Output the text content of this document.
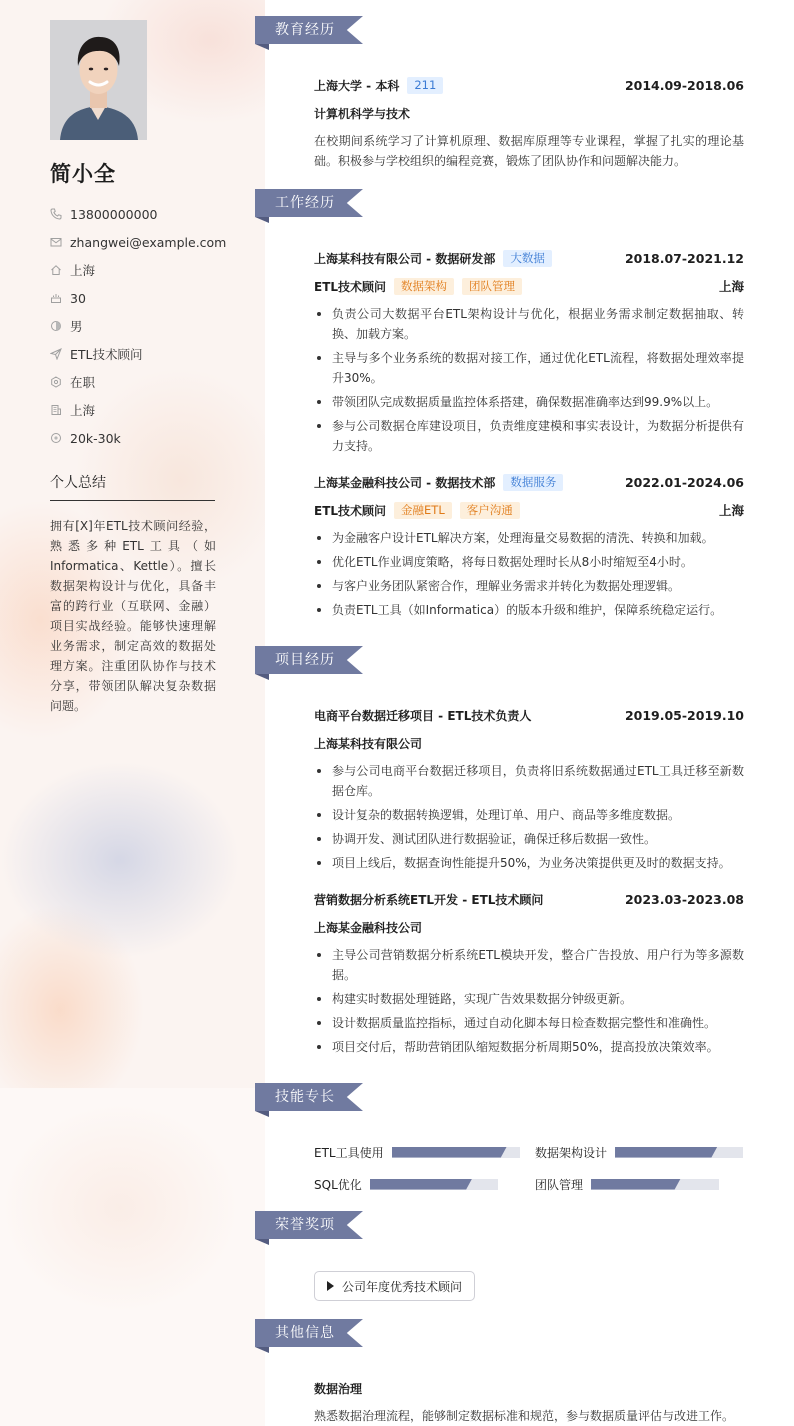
简小全
13800000000
zhangwei@example.com
上海
30
男
ETL技术顾问
在职
上海
20k-30k
个人总结
拥有[X]年ETL技术顾问经验，熟悉多种ETL工具（如Informatica、Kettle）。擅长数据架构设计与优化，具备丰富的跨行业（互联网、金融）项目实战经验。能够快速理解业务需求，制定高效的数据处理方案。注重团队协作与技术分享，带领团队解决复杂数据问题。
教育经历
上海大学 - 本科	211	2014.09-2018.06
计算机科学与技术
在校期间系统学习了计算机原理、数据库原理等专业课程，掌握了扎实的理论基础。积极参与学校组织的编程竞赛，锻炼了团队协作和问题解决能力。
工作经历
上海某科技有限公司 - 数据研发部	大数据	2018.07-2021.12
ETL技术顾问	数据架构	团队管理	上海
负责公司大数据平台ETL架构设计与优化，根据业务需求制定数据抽取、转换、加载方案。
主导与多个业务系统的数据对接工作，通过优化ETL流程，将数据处理效率提升30%。
带领团队完成数据质量监控体系搭建，确保数据准确率达到99.9%以上。
参与公司数据仓库建设项目，负责维度建模和事实表设计，为数据分析提供有力支持。
上海某金融科技公司 - 数据技术部	数据服务	2022.01-2024.06
ETL技术顾问	金融ETL	客户沟通	上海
为金融客户设计ETL解决方案，处理海量交易数据的清洗、转换和加载。
优化ETL作业调度策略，将每日数据处理时长从8小时缩短至4小时。
与客户业务团队紧密合作，理解业务需求并转化为数据处理逻辑。
负责ETL工具（如Informatica）的版本升级和维护，保障系统稳定运行。
项目经历
电商平台数据迁移项目 - ETL技术负责人	2019.05-2019.10
上海某科技有限公司
参与公司电商平台数据迁移项目，负责将旧系统数据通过ETL工具迁移至新数据仓库。
设计复杂的数据转换逻辑，处理订单、用户、商品等多维度数据。
协调开发、测试团队进行数据验证，确保迁移后数据一致性。
项目上线后，数据查询性能提升50%，为业务决策提供更及时的数据支持。
营销数据分析系统ETL开发 - ETL技术顾问	2023.03-2023.08
上海某金融科技公司
主导公司营销数据分析系统ETL模块开发，整合广告投放、用户行为等多源数据。
构建实时数据处理链路，实现广告效果数据分钟级更新。
设计数据质量监控指标，通过自动化脚本每日检查数据完整性和准确性。
项目交付后，帮助营销团队缩短数据分析周期50%，提高投放决策效率。
技能专长
ETL工具使用	数据架构设计
SQL优化	团队管理
荣誉奖项
公司年度优秀技术顾问
其他信息
数据治理
熟悉数据治理流程，能够制定数据标准和规范，参与数据质量评估与改进工作。
